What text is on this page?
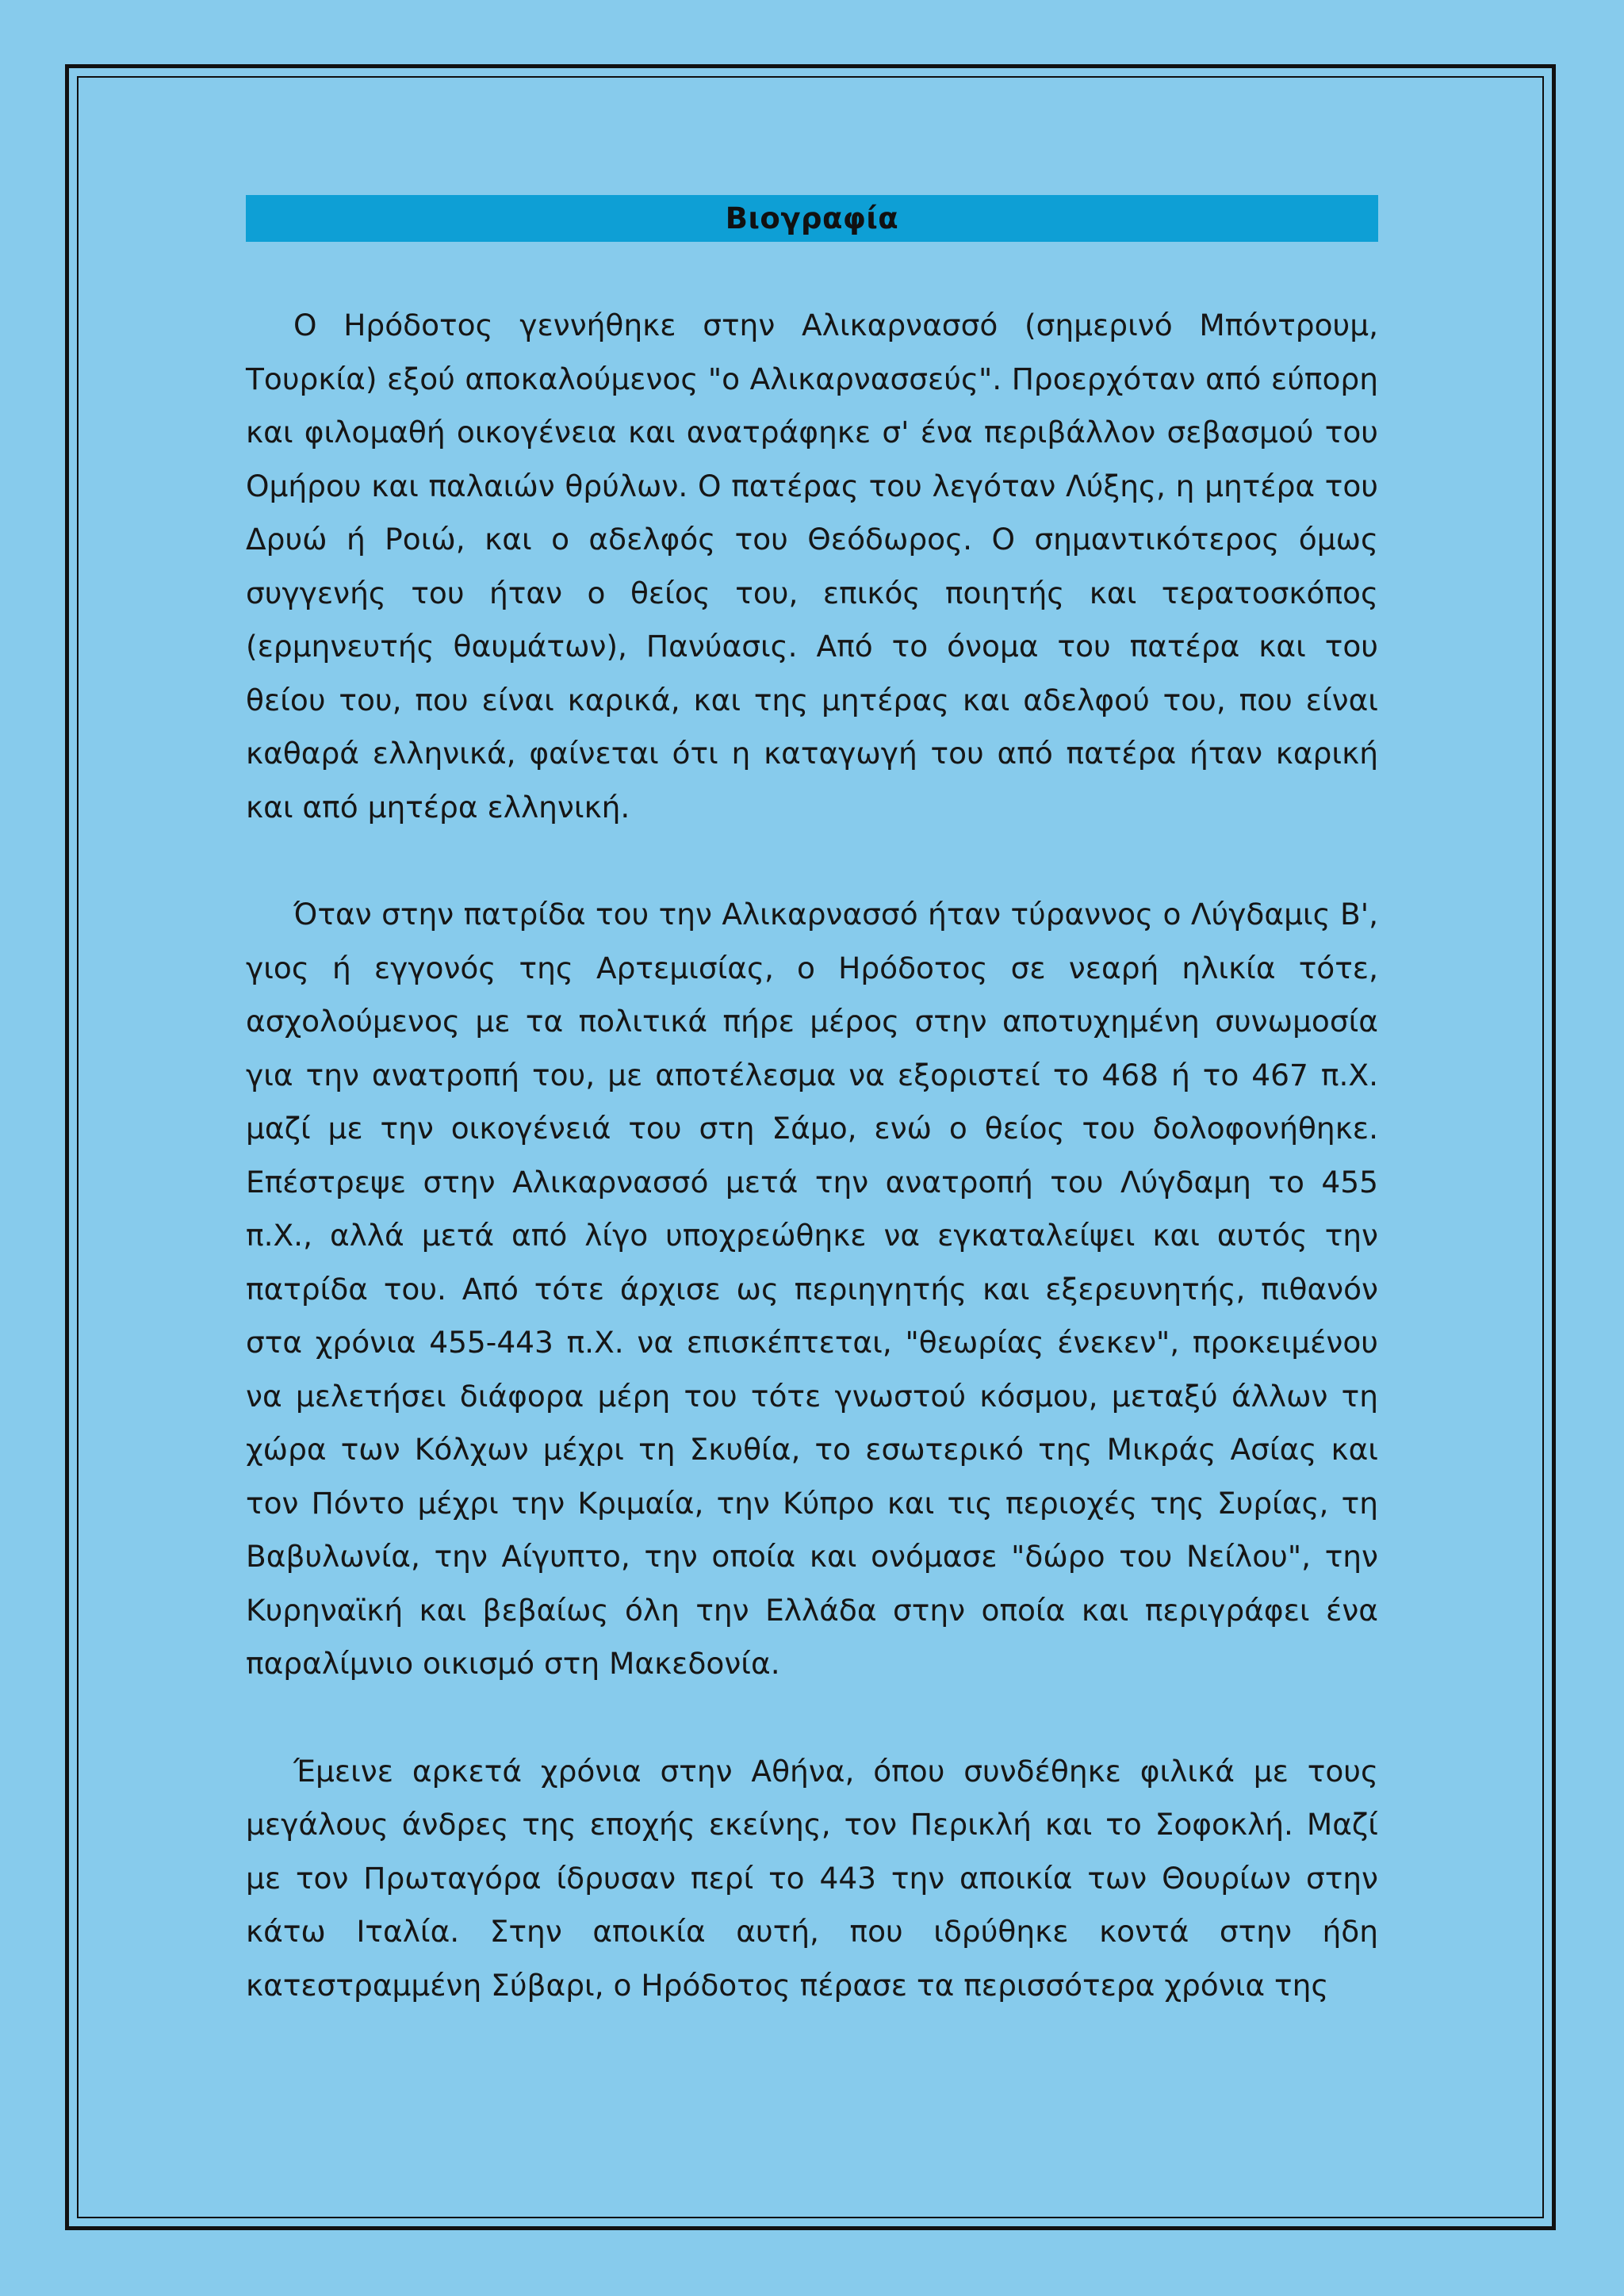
Βιογραφία

Ο Ηρόδοτος γεννήθηκε στην Αλικαρνασσό (σημερινό Μπόντρουμ, Τουρκία) εξού αποκαλούμενος "ο Αλικαρνασσεύς". Προερχόταν από εύπορη και φιλομαθή οικογένεια και ανατράφηκε σ' ένα περιβάλλον σεβασμού του Ομήρου και παλαιών θρύλων. Ο πατέρας του λεγόταν Λύξης, η μητέρα του Δρυώ ή Ροιώ, και ο αδελφός του Θεόδωρος. Ο σημαντικότερος όμως συγγενής του ήταν ο θείος του, επικός ποιητής και τερατοσκόπος (ερμηνευτής θαυμάτων), Πανύασις. Από το όνομα του πατέρα και του θείου του, που είναι καρικά, και της μητέρας και αδελφού του, που είναι καθαρά ελληνικά, φαίνεται ότι η καταγωγή του από πατέρα ήταν καρική και από μητέρα ελληνική.

Όταν στην πατρίδα του την Αλικαρνασσό ήταν τύραννος ο Λύγδαμις Β', γιος ή εγγονός της Αρτεμισίας, ο Ηρόδοτος σε νεαρή ηλικία τότε, ασχολούμενος με τα πολιτικά πήρε μέρος στην αποτυχημένη συνωμοσία για την ανατροπή του, με αποτέλεσμα να εξοριστεί το 468 ή το 467 π.Χ. μαζί με την οικογένειά του στη Σάμο, ενώ ο θείος του δολοφονήθηκε. Επέστρεψε στην Αλικαρνασσό μετά την ανατροπή του Λύγδαμη το 455 π.Χ., αλλά μετά από λίγο υποχρεώθηκε να εγκαταλείψει και αυτός την πατρίδα του. Από τότε άρχισε ως περιηγητής και εξερευνητής, πιθανόν στα χρόνια 455-443 π.Χ. να επισκέπτεται, "θεωρίας ένεκεν", προκειμένου να μελετήσει διάφορα μέρη του τότε γνωστού κόσμου, μεταξύ άλλων τη χώρα των Κόλχων μέχρι τη Σκυθία, το εσωτερικό της Μικράς Ασίας και τον Πόντο μέχρι την Κριμαία, την Κύπρο και τις περιοχές της Συρίας, τη Βαβυλωνία, την Αίγυπτο, την οποία και ονόμασε "δώρο του Νείλου", την Κυρηναϊκή και βεβαίως όλη την Ελλάδα στην οποία και περιγράφει ένα παραλίμνιο οικισμό στη Μακεδονία.

Έμεινε αρκετά χρόνια στην Αθήνα, όπου συνδέθηκε φιλικά με τους μεγάλους άνδρες της εποχής εκείνης, τον Περικλή και το Σοφοκλή. Μαζί με τον Πρωταγόρα ίδρυσαν περί το 443 την αποικία των Θουρίων στην κάτω Ιταλία. Στην αποικία αυτή, που ιδρύθηκε κοντά στην ήδη κατεστραμμένη Σύβαρι, ο Ηρόδοτος πέρασε τα περισσότερα χρόνια της
